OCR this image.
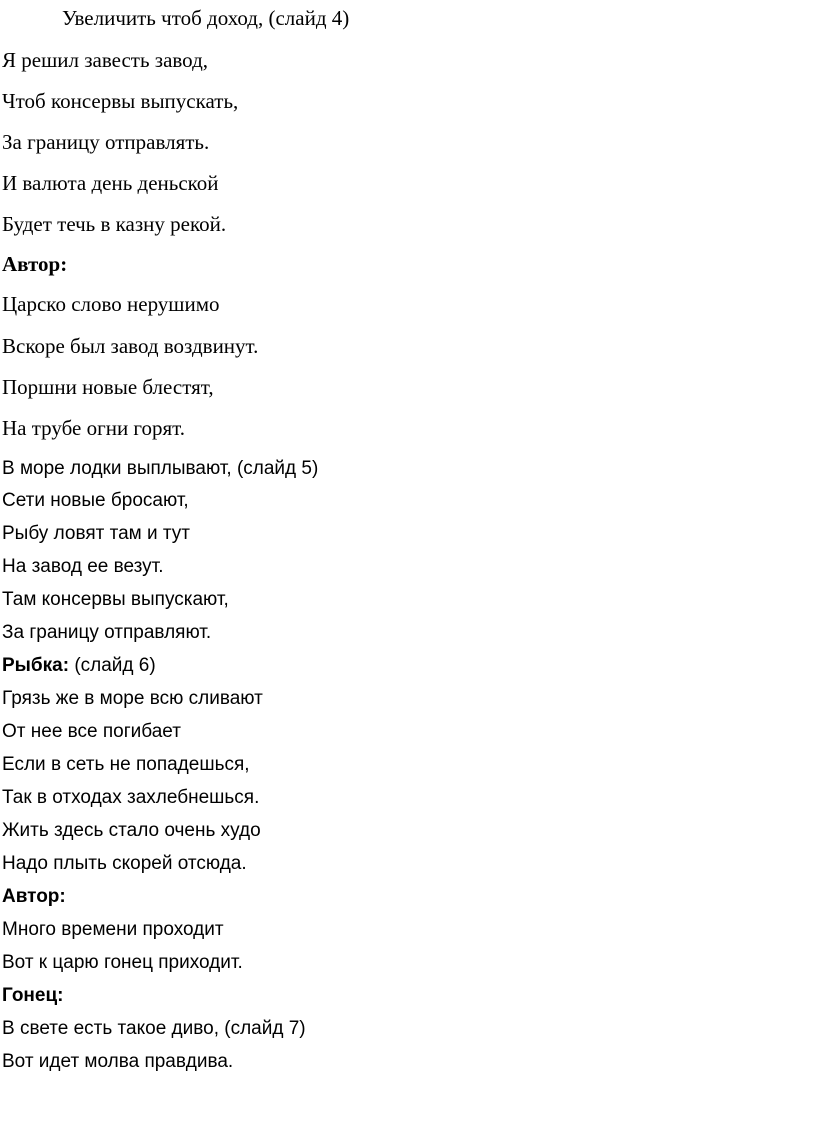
Увеличить чтоб доход, (слайд 4)

Я решил завесть завод,

Чтоб консервы выпускать,

За границу отправлять.

И валюта день деньской

Будет течь в казну рекой.

Автор:

Царско слово нерушимо

Вскоре был завод воздвинут.

Поршни новые блестят,

На трубе огни горят.

В море лодки выплывают, (слайд 5)

Сети новые бросают,

Рыбу ловят там и тут

На завод ее везут.

Там консервы выпускают,

За границу отправляют.

Рыбка: (слайд 6)

Грязь же в море всю сливают

От нее все погибает

Если в сеть не попадешься,

Так в отходах захлебнешься.

Жить здесь стало очень худо

Надо плыть скорей отсюда.

Автор:

Много времени проходит

Вот к царю гонец приходит.

Гонец:

В свете есть такое диво, (слайд 7)

Вот идет молва правдива.
